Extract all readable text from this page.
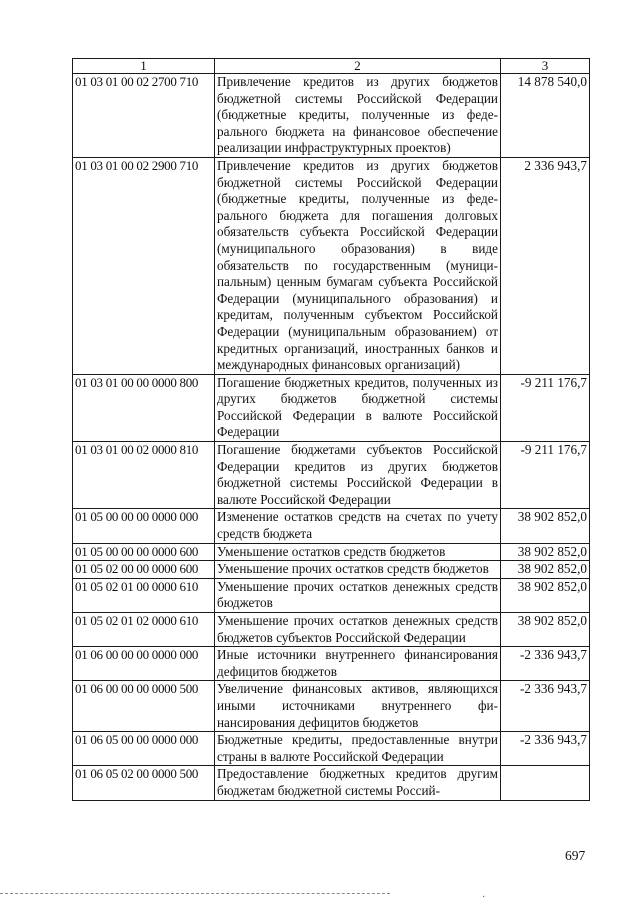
1	2	3
01 03 01 00 02 2700 710	Привлечение кредитов из других бюджетов бюджетной системы Российской Федерации (бюджетные кредиты, полученные из федерального бюджета на финансовое обеспечение реализации инфраструктурных проектов)	14 878 540,0
01 03 01 00 02 2900 710	Привлечение кредитов из других бюджетов бюджетной системы Российской Федерации (бюджетные кредиты, полученные из федерального бюджета для погашения долговых обязательств субъекта Российской Федерации (муниципального образования) в виде обязательств по государственным (муниципальным) ценным бумагам субъекта Российской Федерации (муниципального образования) и кредитам, полученным субъектом Российской Федерации (муниципальным образованием) от кредитных организаций, иностранных банков и международных финансовых организаций)	2 336 943,7
01 03 01 00 00 0000 800	Погашение бюджетных кредитов, полученных из других бюджетов бюджетной системы Российской Федерации в валюте Российской Федерации	-9 211 176,7
01 03 01 00 02 0000 810	Погашение бюджетами субъектов Российской Федерации кредитов из других бюджетов бюджетной системы Российской Федерации в валюте Российской Федерации	-9 211 176,7
01 05 00 00 00 0000 000	Изменение остатков средств на счетах по учету средств бюджета	38 902 852,0
01 05 00 00 00 0000 600	Уменьшение остатков средств бюджетов	38 902 852,0
01 05 02 00 00 0000 600	Уменьшение прочих остатков средств бюджетов	38 902 852,0
01 05 02 01 00 0000 610	Уменьшение прочих остатков денежных средств бюджетов	38 902 852,0
01 05 02 01 02 0000 610	Уменьшение прочих остатков денежных средств бюджетов субъектов Российской Федерации	38 902 852,0
01 06 00 00 00 0000 000	Иные источники внутреннего финансирования дефицитов бюджетов	-2 336 943,7
01 06 00 00 00 0000 500	Увеличение финансовых активов, являющихся иными источниками внутреннего финансирования дефицитов бюджетов	-2 336 943,7
01 06 05 00 00 0000 000	Бюджетные кредиты, предоставленные внутри страны в валюте Российской Федерации	-2 336 943,7
01 06 05 02 00 0000 500	Предоставление бюджетных кредитов другим бюджетам бюджетной системы Россий-	
697
·
